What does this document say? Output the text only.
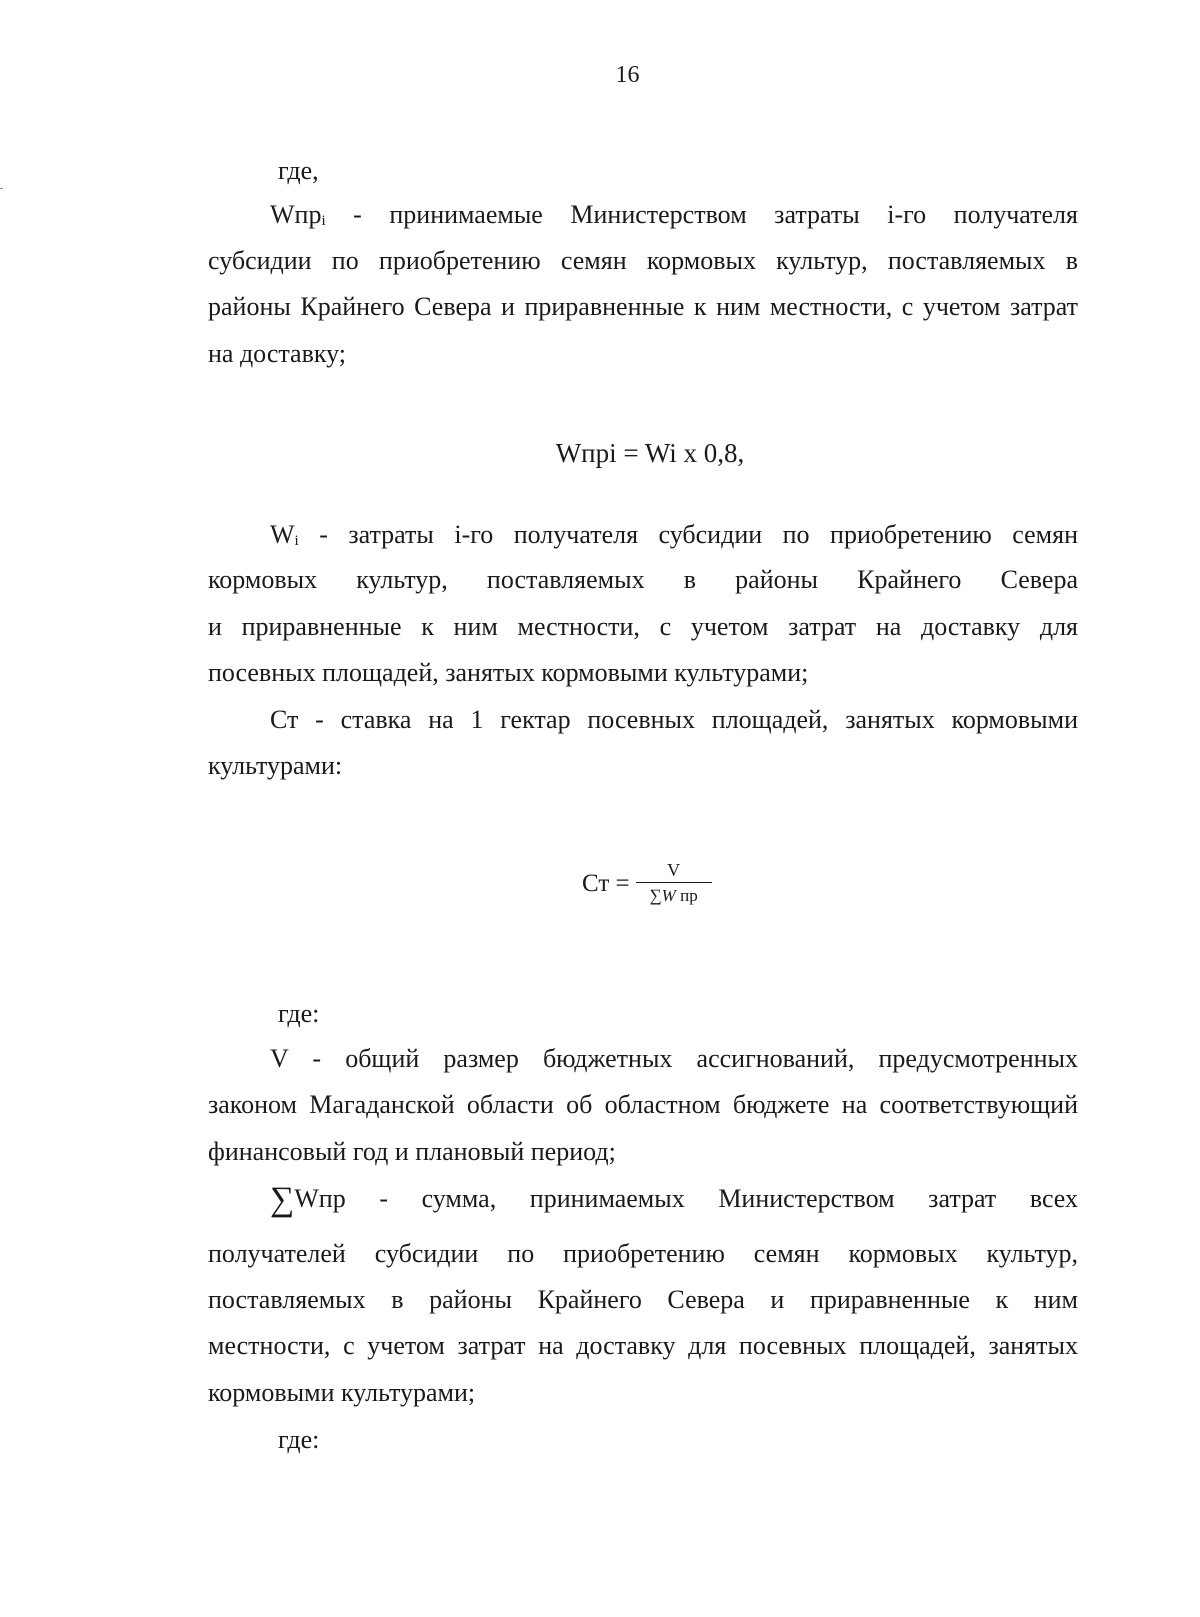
16
где,
Wпр$_i$ - принимаемые Министерством затраты i-го получателя
субсидии по приобретению семян кормовых культур, поставляемых в
районы Крайнего Севера и приравненные к ним местности, с учетом затрат
на доставку;
Wпрi = Wi x 0,8,
$W_i$ - затраты i-го получателя субсидии по приобретению семян
кормовых культур, поставляемых в районы Крайнего Севера
и приравненные к ним местности, с учетом затрат на доставку для
посевных площадей, занятых кормовыми культурами;
Ст - ставка на 1 гектар посевных площадей, занятых кормовыми
культурами:
Ст = $\frac{V}{\text{∑W пр}}$
где:
V - общий размер бюджетных ассигнований, предусмотренных
законом Магаданской области об областном бюджете на соответствующий
финансовый год и плановый период;
∑Wпр - сумма, принимаемых Министерством затрат всех
получателей субсидии по приобретению семян кормовых культур,
поставляемых в районы Крайнего Севера и приравненные к ним
местности, с учетом затрат на доставку для посевных площадей, занятых
кормовыми культурами;
где:
